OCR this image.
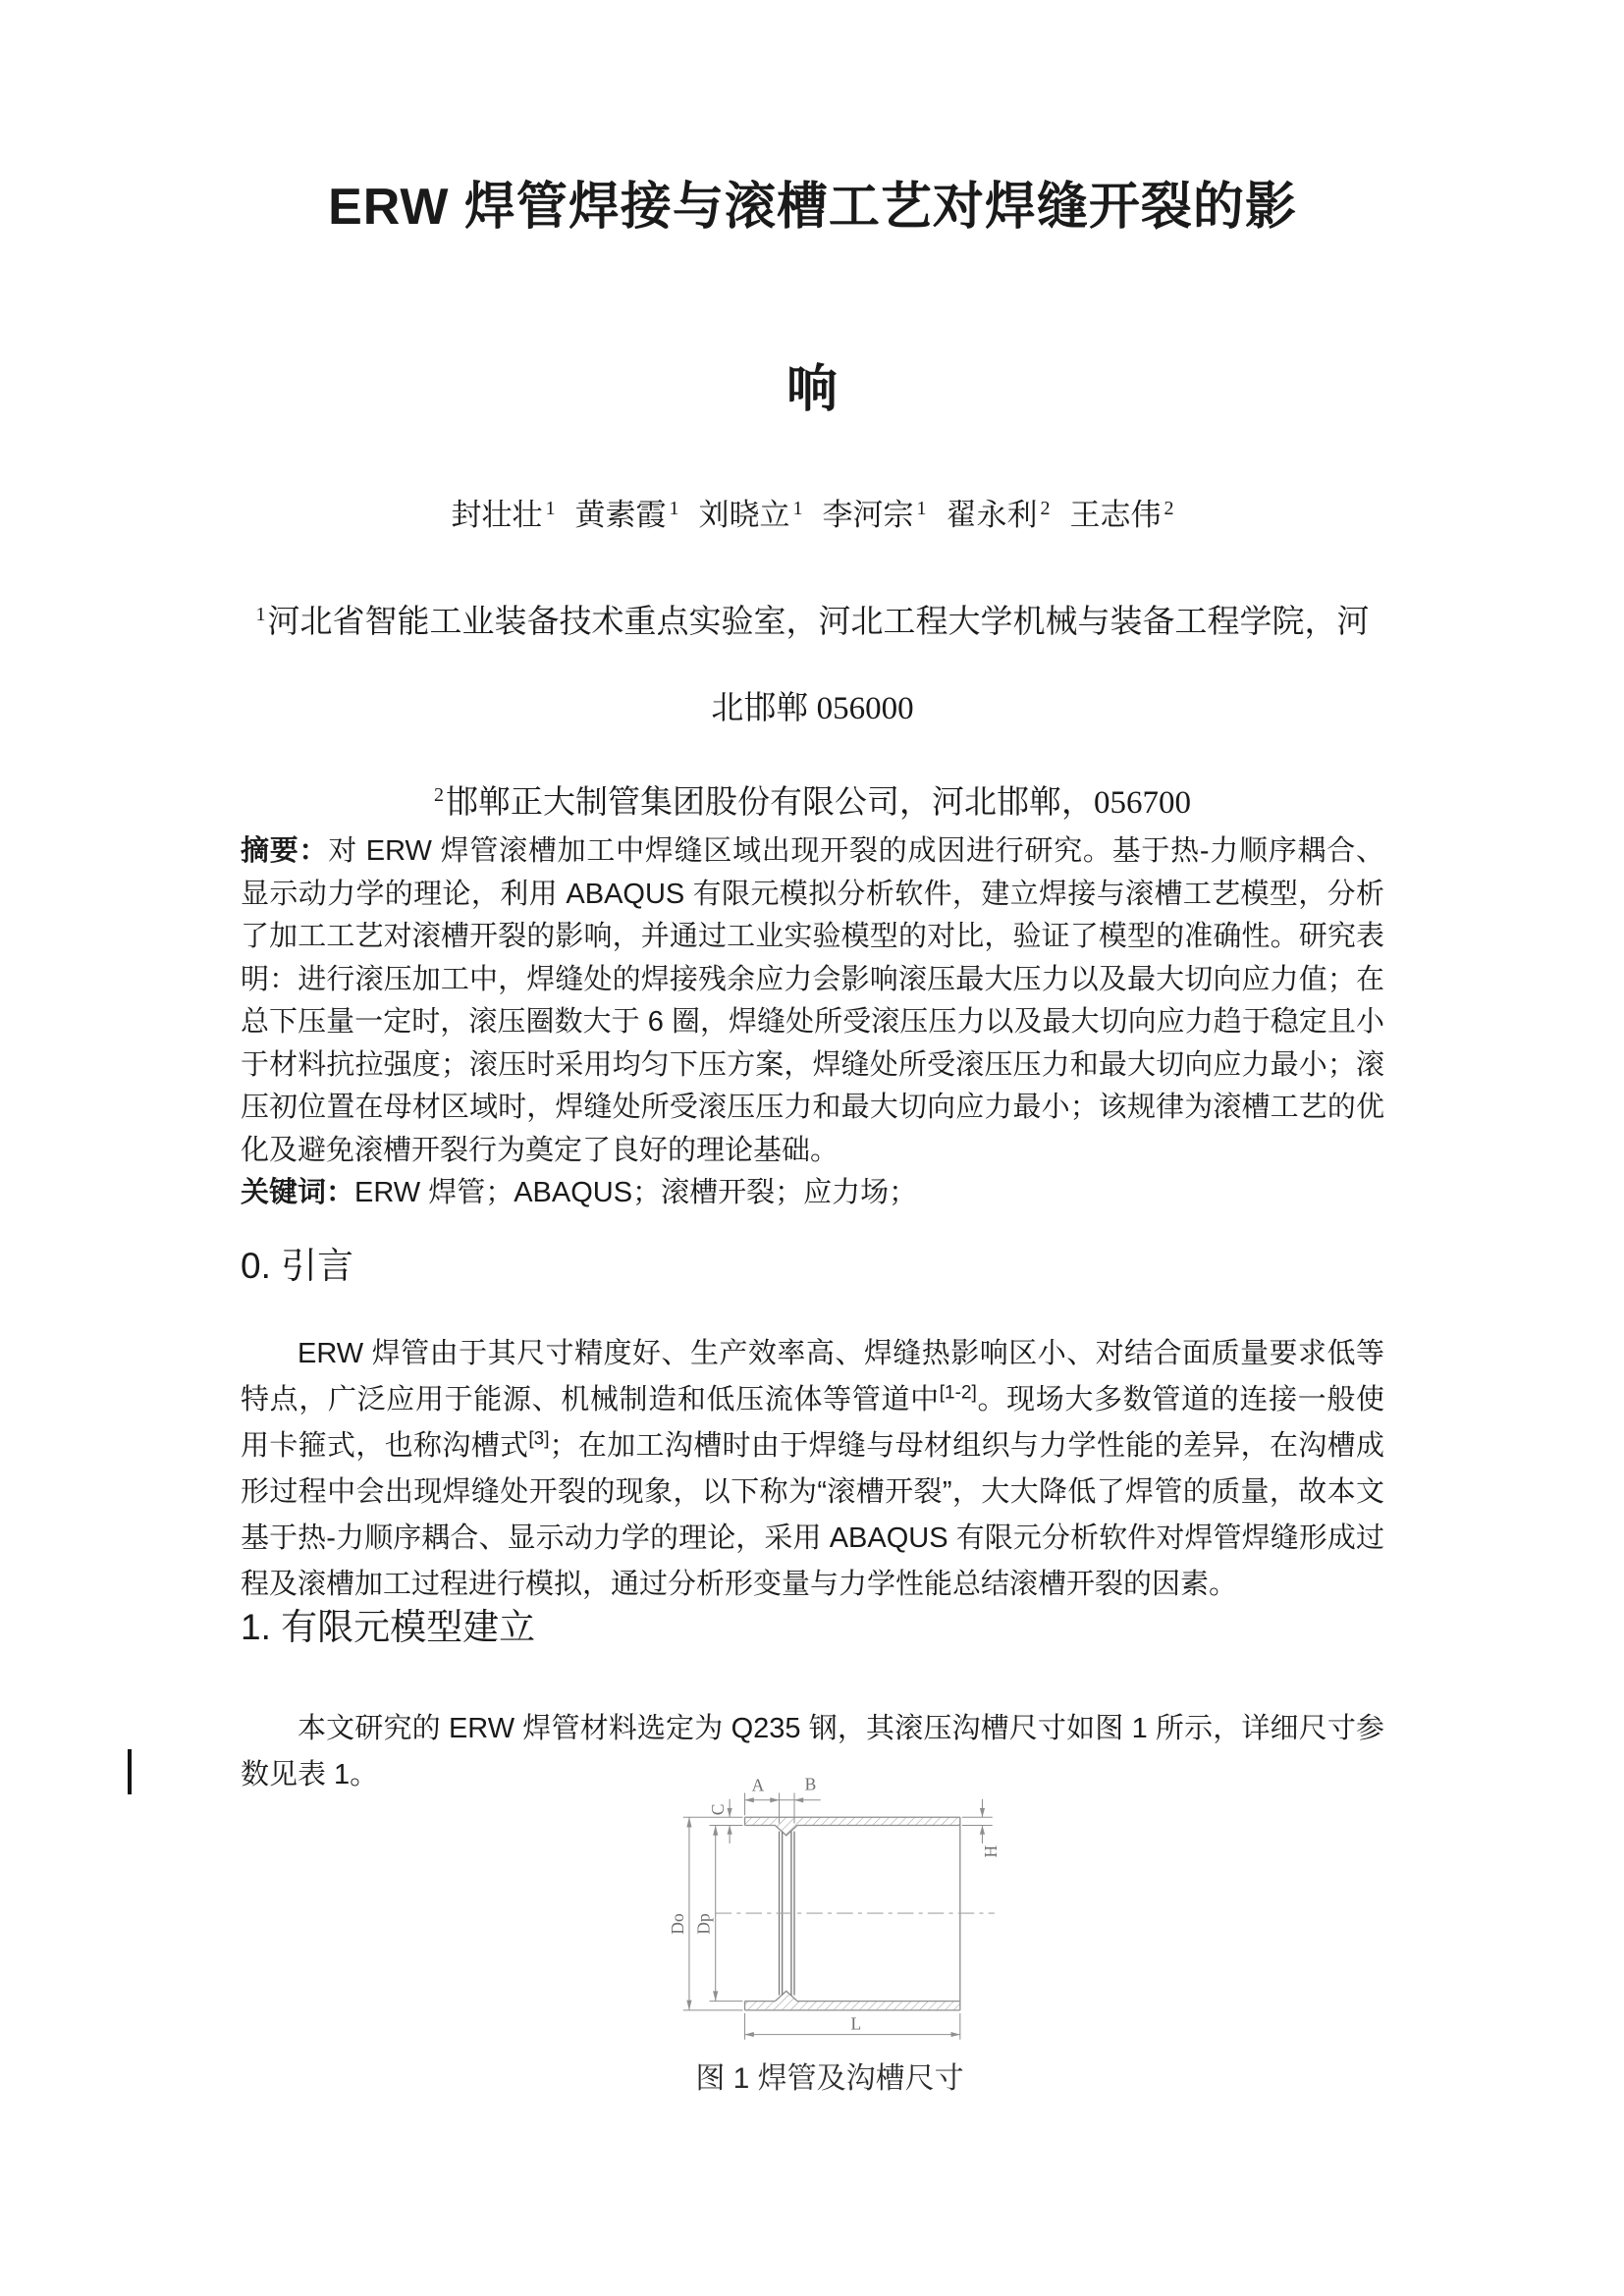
ERW 焊管焊接与滚槽工艺对焊缝开裂的影
响
封壮壮 $^1$ 黄素霞 $^1$ 刘晓立 $^1$ 李河宗 $^1$ 翟永利 $^2$ 王志伟 $^2$
$^1$河北省智能工业装备技术重点实验室，河北工程大学机械与装备工程学院，河
北邯郸 056000
$^2$邯郸正大制管集团股份有限公司，河北邯郸，056700

摘要：对 ERW 焊管滚槽加工中焊缝区域出现开裂的成因进行研究。基于热-力顺序耦合、显示动力学的理论，利用 ABAQUS 有限元模拟分析软件，建立焊接与滚槽工艺模型，分析了加工工艺对滚槽开裂的影响，并通过工业实验模型的对比，验证了模型的准确性。研究表明：进行滚压加工中，焊缝处的焊接残余应力会影响滚压最大压力以及最大切向应力值；在总下压量一定时，滚压圈数大于 6 圈，焊缝处所受滚压压力以及最大切向应力趋于稳定且小于材料抗拉强度；滚压时采用均匀下压方案，焊缝处所受滚压压力和最大切向应力最小；滚压初位置在母材区域时，焊缝处所受滚压压力和最大切向应力最小；该规律为滚槽工艺的优化及避免滚槽开裂行为奠定了良好的理论基础。

关键词：ERW 焊管；ABAQUS；滚槽开裂；应力场；

0. 引言

ERW 焊管由于其尺寸精度好、生产效率高、焊缝热影响区小、对结合面质量要求低等特点，广泛应用于能源、机械制造和低压流体等管道中[1-2]。现场大多数管道的连接一般使用卡箍式，也称沟槽式[3]；在加工沟槽时由于焊缝与母材组织与力学性能的差异，在沟槽成形过程中会出现焊缝处开裂的现象，以下称为“滚槽开裂”，大大降低了焊管的质量，故本文基于热-力顺序耦合、显示动力学的理论，采用 ABAQUS 有限元分析软件对焊管焊缝形成过程及滚槽加工过程进行模拟，通过分析形变量与力学性能总结滚槽开裂的因素。

1. 有限元模型建立

本文研究的 ERW 焊管材料选定为 Q235 钢，其滚压沟槽尺寸如图 1 所示，详细尺寸参数见表 1。	A B
C
H
Do Dp
L
图 1 焊管及沟槽尺寸
